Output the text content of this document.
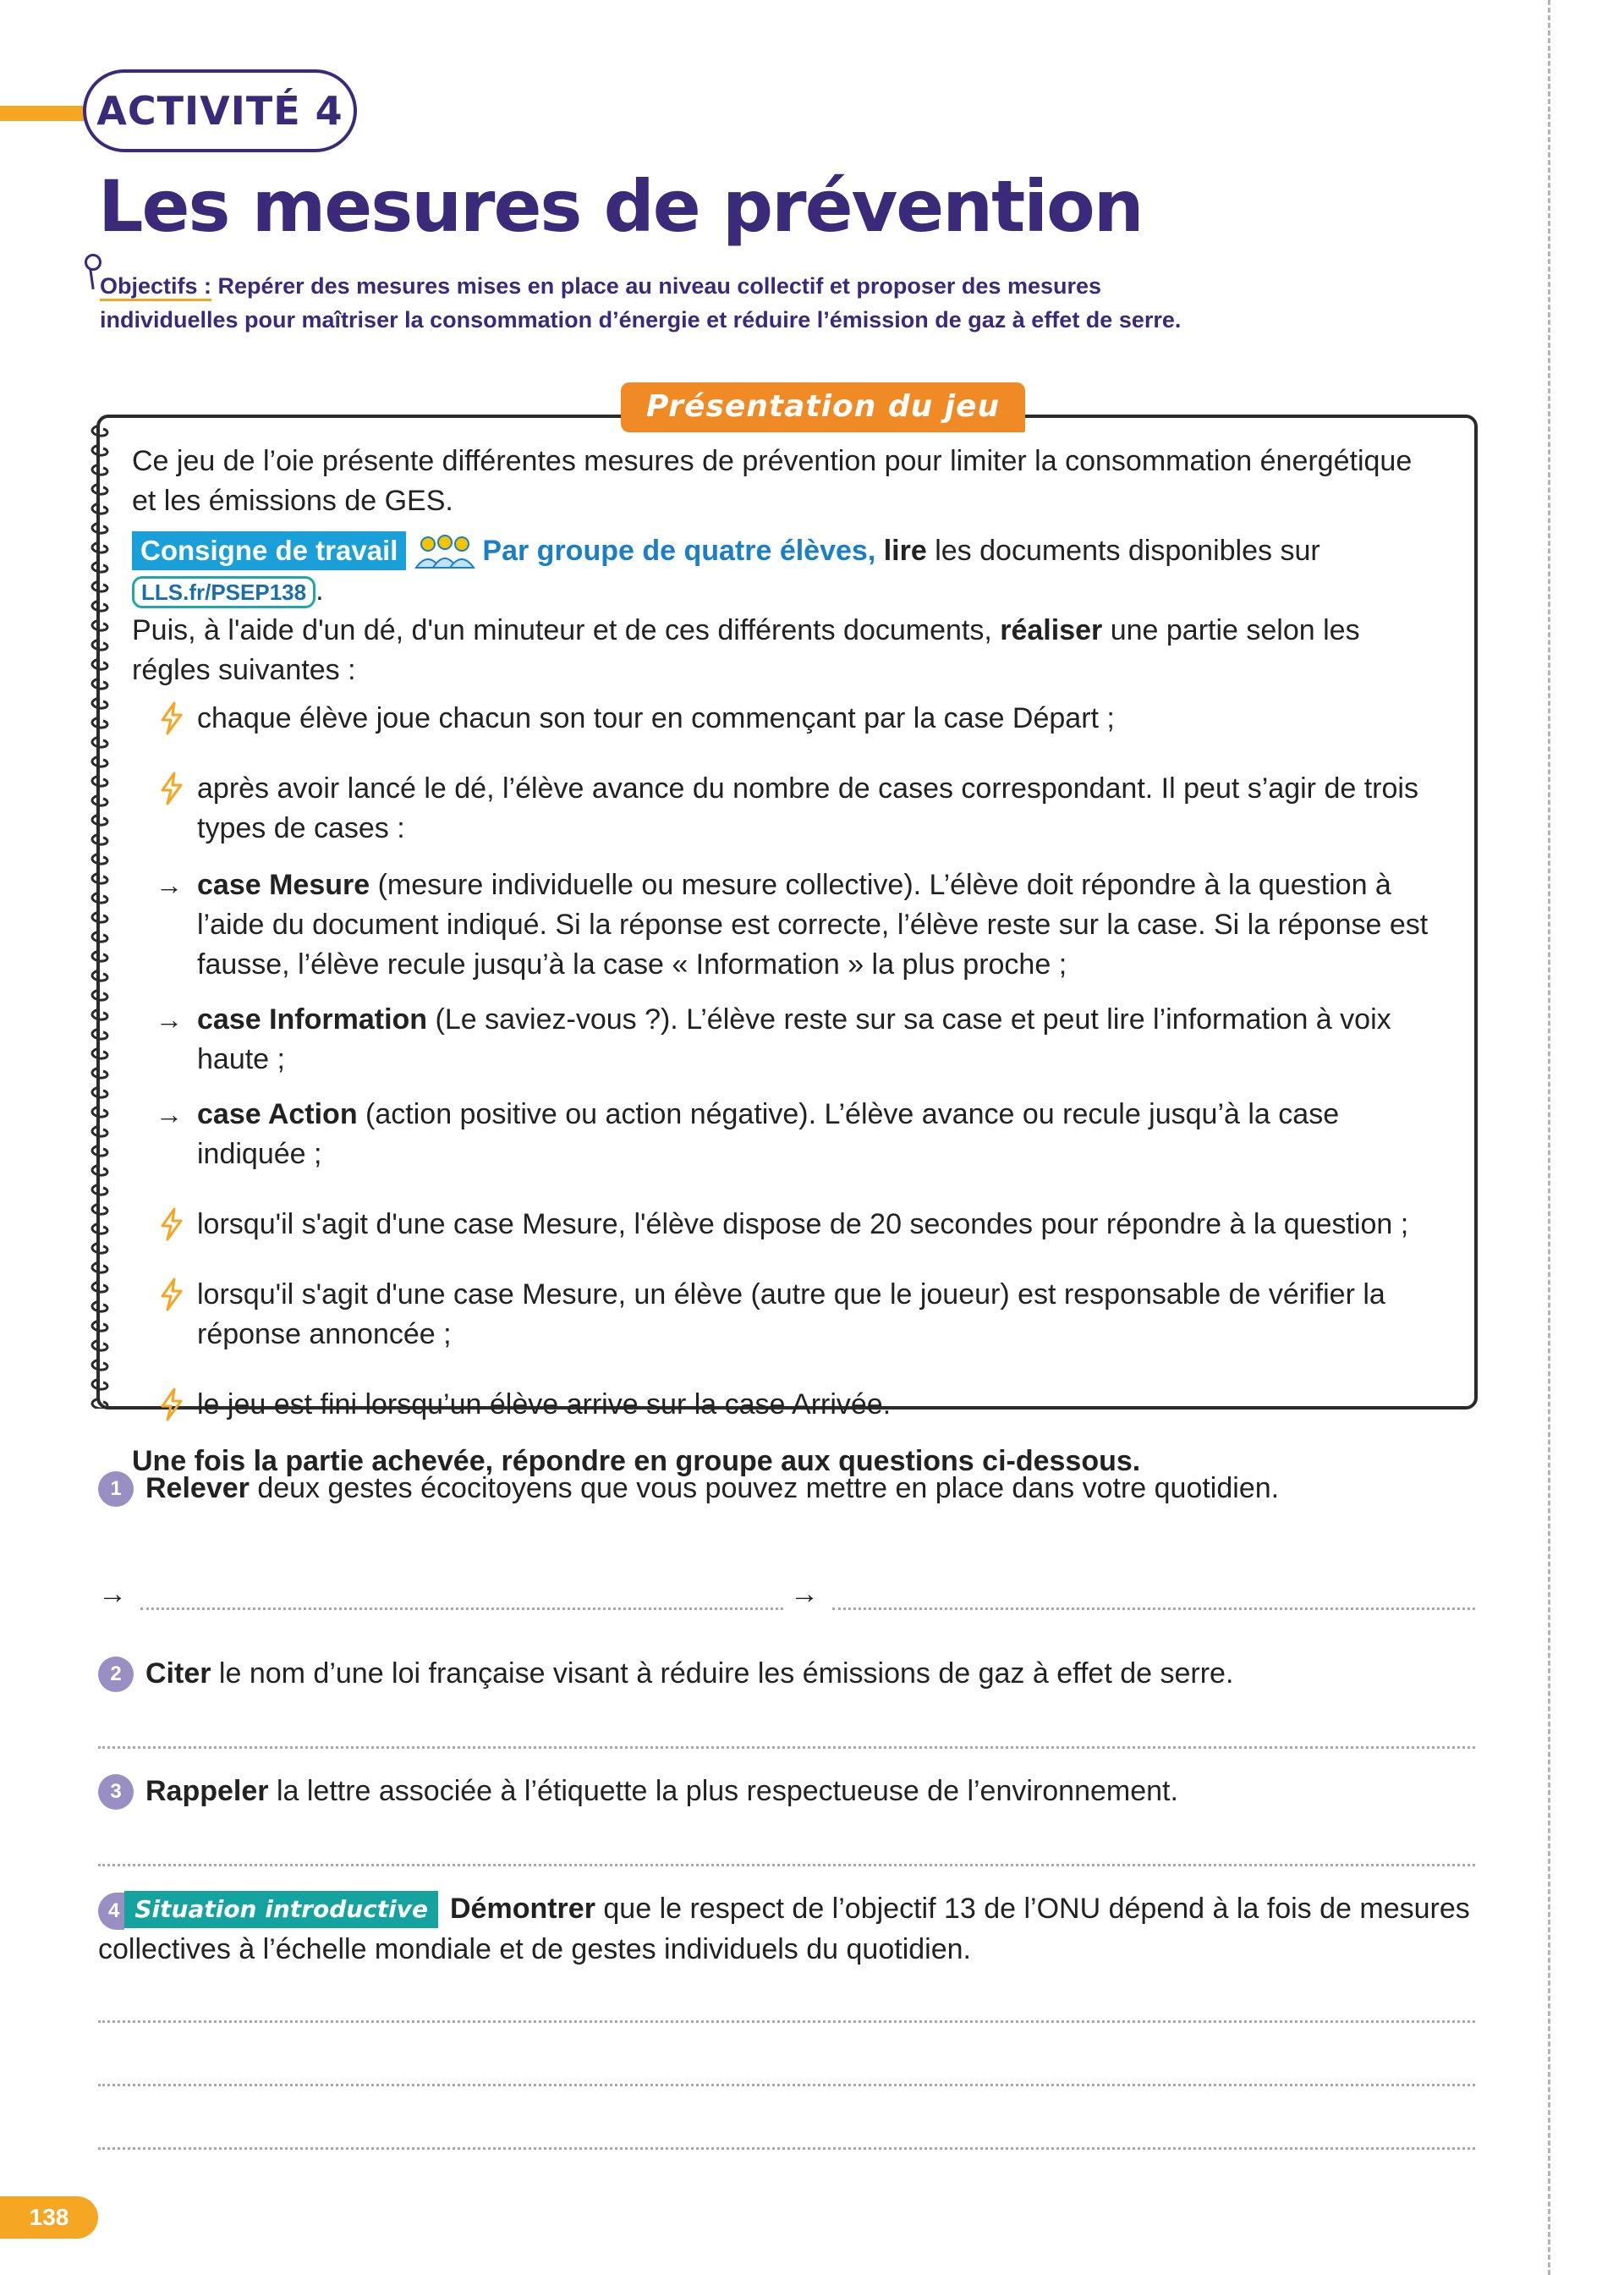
ACTIVITÉ 4
Les mesures de prévention
Objectifs : Repérer des mesures mises en place au niveau collectif et proposer des mesures individuelles pour maîtriser la consommation d’énergie et réduire l’émission de gaz à effet de serre.
Présentation du jeu

Ce jeu de l’oie présente différentes mesures de prévention pour limiter la consommation énergétique et les émissions de GES.

Consigne de travail	Par groupe de quatre élèves, lire les documents disponibles sur LLS.fr/PSEP138 .
Puis, à l'aide d'un dé, d'un minuteur et de ces différents documents, réaliser une partie selon les régles suivantes :

chaque élève joue chacun son tour en commençant par la case Départ ;
après avoir lancé le dé, l’élève avance du nombre de cases correspondant. Il peut s’agir de trois types de cases :
→ case Mesure (mesure individuelle ou mesure collective). L’élève doit répondre à la question à l’aide du document indiqué. Si la réponse est correcte, l’élève reste sur la case. Si la réponse est fausse, l’élève recule jusqu’à la case « Information » la plus proche ;
→ case Information (Le saviez-vous ?). L’élève reste sur sa case et peut lire l’information à voix haute ;
→ case Action (action positive ou action négative). L’élève avance ou recule jusqu’à la case indiquée ;
lorsqu'il s'agit d'une case Mesure, l'élève dispose de 20 secondes pour répondre à la question ;
lorsqu'il s'agit d'une case Mesure, un élève (autre que le joueur) est responsable de vérifier la réponse annoncée ;
le jeu est fini lorsqu’un élève arrive sur la case Arrivée.

Une fois la partie achevée, répondre en groupe aux questions ci-dessous.

1 Relever deux gestes écocitoyens que vous pouvez mettre en place dans votre quotidien.
→	→
2 Citer le nom d’une loi française visant à réduire les émissions de gaz à effet de serre.
3 Rappeler la lettre associée à l’étiquette la plus respectueuse de l’environnement.
4 Situation introductive Démontrer que le respect de l’objectif 13 de l’ONU dépend à la fois de mesures collectives à l’échelle mondiale et de gestes individuels du quotidien.
138
